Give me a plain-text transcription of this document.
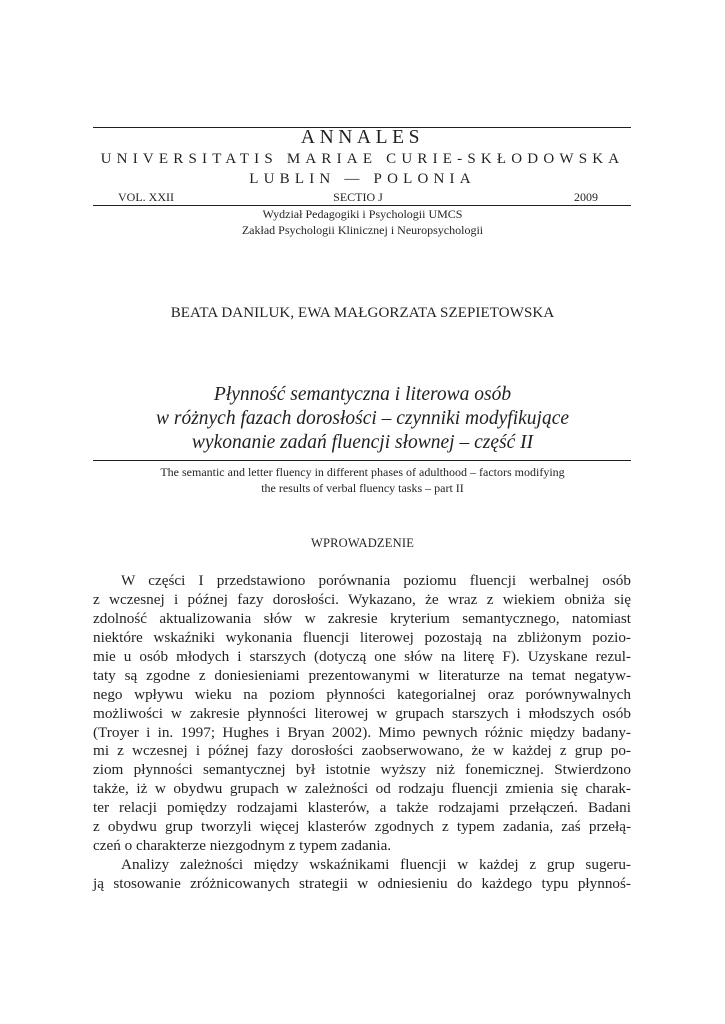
ANNALES
UNIVERSITATIS MARIAE CURIE-SKŁODOWSKA
LUBLIN — POLONIA
VOL. XXII	SECTIO J	2009
Wydział Pedagogiki i Psychologii UMCS
Zakład Psychologii Klinicznej i Neuropsychologii
BEATA DANILUK, EWA MAŁGORZATA SZEPIETOWSKA
Płynność semantyczna i literowa osób
w różnych fazach dorosłości – czynniki modyfikujące
wykonanie zadań fluencji słownej – część II
The semantic and letter fluency in different phases of adulthood – factors modifying
the results of verbal fluency tasks – part II
WPROWADZENIE

W części I przedstawiono porównania poziomu fluencji werbalnej osób
z wczesnej i późnej fazy dorosłości. Wykazano, że wraz z wiekiem obniża się
zdolność aktualizowania słów w zakresie kryterium semantycznego, natomiast
niektóre wskaźniki wykonania fluencji literowej pozostają na zbliżonym pozio-
mie u osób młodych i starszych (dotyczą one słów na literę F). Uzyskane rezul-
taty są zgodne z doniesieniami prezentowanymi w literaturze na temat negatyw-
nego wpływu wieku na poziom płynności kategorialnej oraz porównywalnych
możliwości w zakresie płynności literowej w grupach starszych i młodszych osób
(Troyer i in. 1997; Hughes i Bryan 2002). Mimo pewnych różnic między badany-
mi z wczesnej i późnej fazy dorosłości zaobserwowano, że w każdej z grup po-
ziom płynności semantycznej był istotnie wyższy niż fonemicznej. Stwierdzono
także, iż w obydwu grupach w zależności od rodzaju fluencji zmienia się charak-
ter relacji pomiędzy rodzajami klasterów, a także rodzajami przełączeń. Badani
z obydwu grup tworzyli więcej klasterów zgodnych z typem zadania, zaś przełą-
czeń o charakterze niezgodnym z typem zadania.

Analizy zależności między wskaźnikami fluencji w każdej z grup sugeru-
ją stosowanie zróżnicowanych strategii w odniesieniu do każdego typu płynnoś-
